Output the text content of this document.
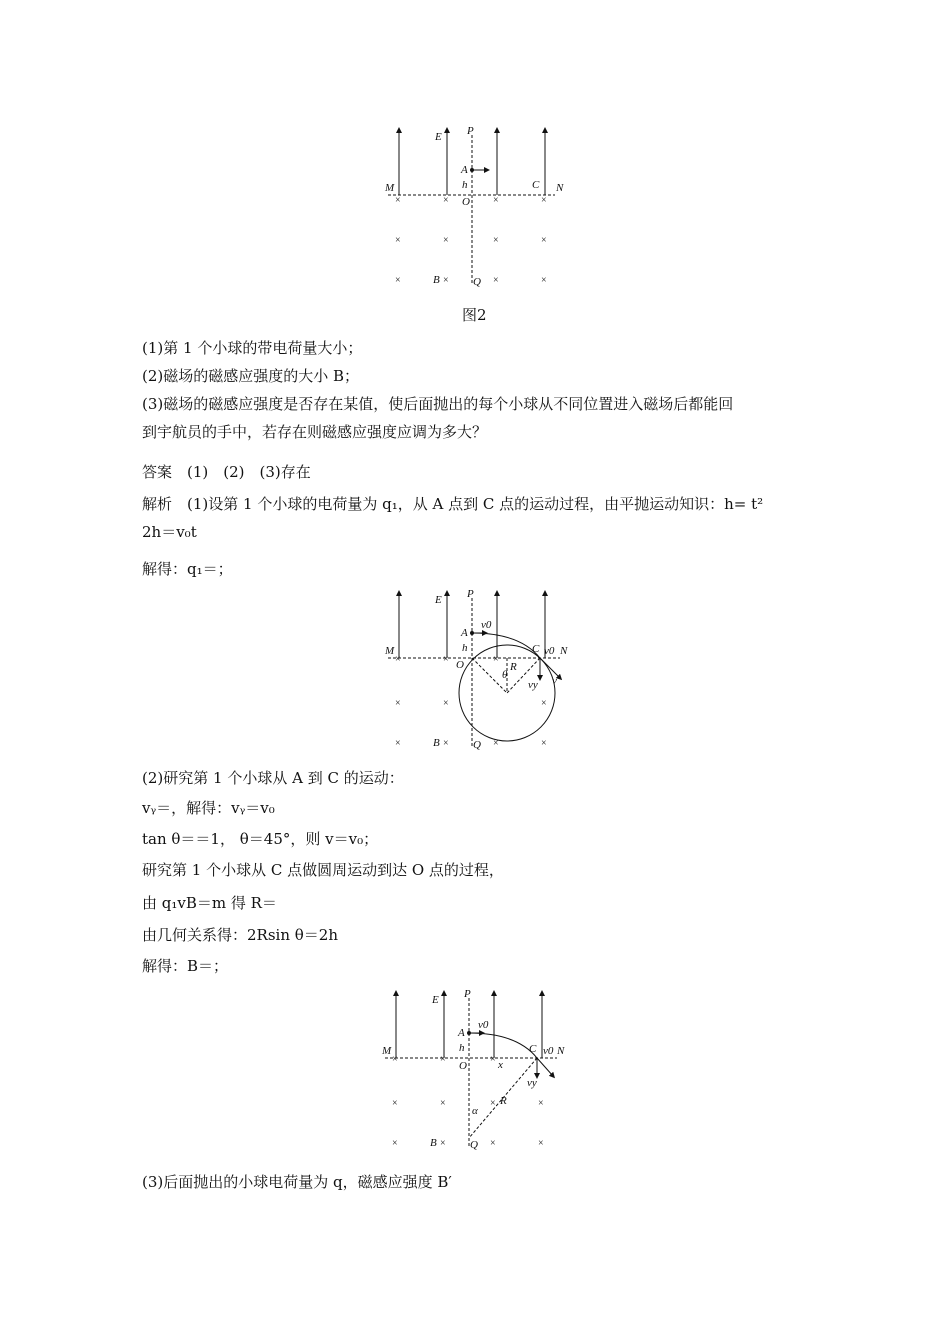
E P
A
h
M	C N
O
B	Q
×	×	×	×
×	×	×	×
×	×	×	×
图2
(1)第 1 个小球的带电荷量大小；
(2)磁场的磁感应强度的大小 B；
(3)磁场的磁感应强度是否存在某值，使后面抛出的每个小球从不同位置进入磁场后都能回
到宇航员的手中，若存在则磁感应强度应调为多大？
答案　(1)　(2)　(3)存在
解析　(1)设第 1 个小球的电荷量为 q₁，从 A 点到 C 点的运动过程，由平抛运动知识：h= t²
2h＝v₀t
解得：q₁＝；
E P
A
v0
h
M
O	R
θ
C v0 N
vy v
B	Q
×	×	×
×	×	×
×	×	×	×
(2)研究第 1 个小球从 A 到 C 的运动：
vᵧ＝，解得：vᵧ＝v₀
tan θ＝＝1， θ＝45°，则 v＝v₀；
研究第 1 个小球从 C 点做圆周运动到达 O 点的过程，
由 q₁vB＝m 得 R＝
由几何关系得：2Rsin θ＝2h
解得：B＝；
E P
A
v0
h
M
O	x
C v0 N
R
α
vy
B	Q
×	×	×
×	×	×	×
×	×	×	×
(3)后面抛出的小球电荷量为 q，磁感应强度 B′
